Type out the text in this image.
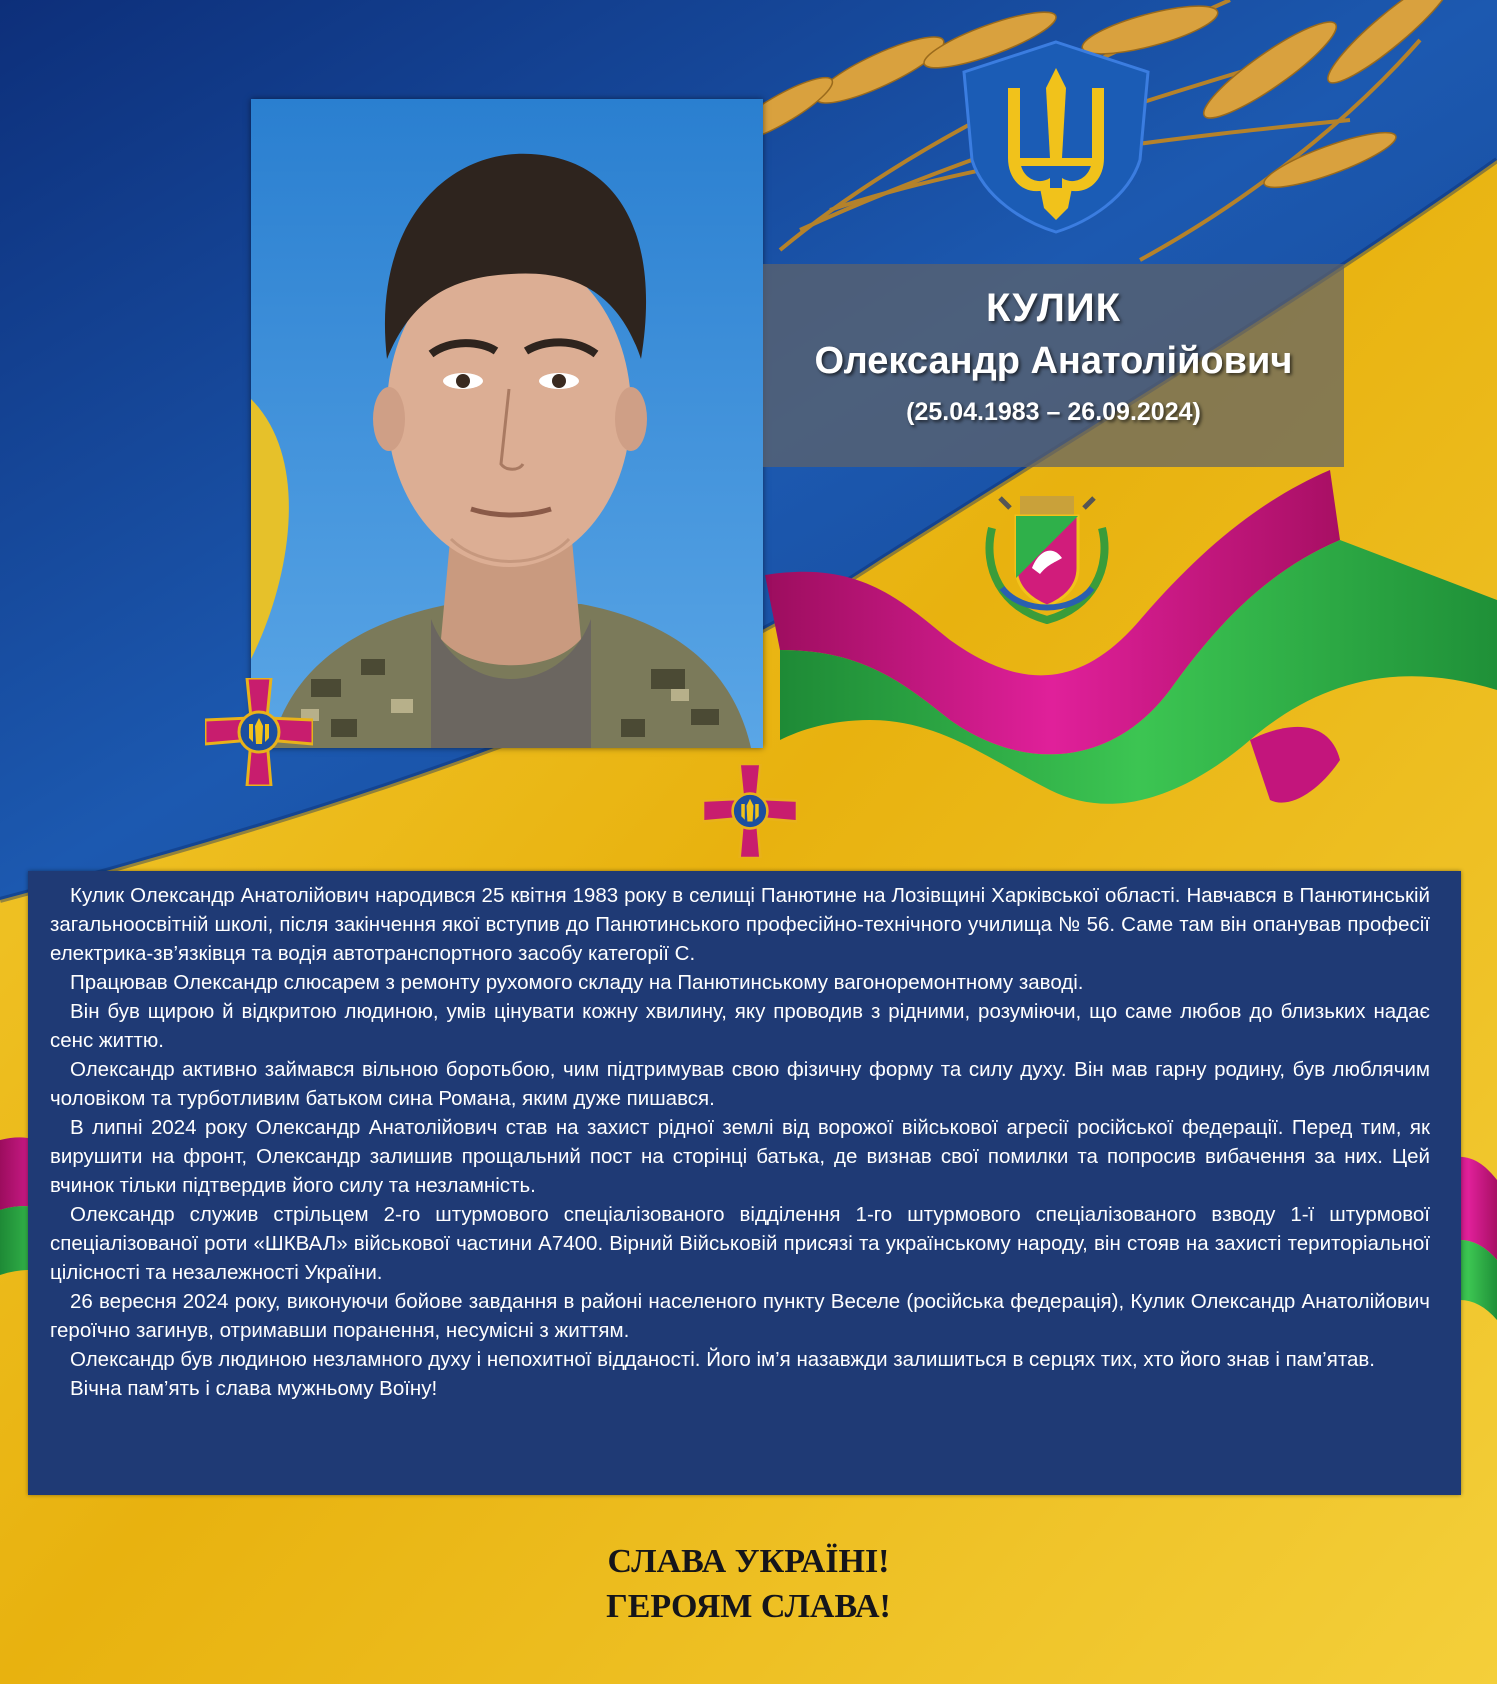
КУЛИК
Олександр Анатолійович
(25.04.1983 – 26.09.2024)

Кулик Олександр Анатолійович народився 25 квітня 1983 року в селищі Панютине на Лозівщині Харківської області. Навчався в Панютинській загальноосвітній школі, після закінчення якої вступив до Панютинського професійно-технічного училища № 56. Саме там він опанував професії електрика-зв’язківця та водія автотранспортного засобу категорії С.

Працював Олександр слюсарем з ремонту рухомого складу на Панютинському вагоноремонтному заводі.

Він був щирою й відкритою людиною, умів цінувати кожну хвилину, яку проводив з рідними, розуміючи, що саме любов до близьких надає сенс життю.

Олександр активно займався вільною боротьбою, чим підтримував свою фізичну форму та силу духу. Він мав гарну родину, був люблячим чоловіком та турботливим батьком сина Романа, яким дуже пишався.

В липні 2024 року Олександр Анатолійович став на захист рідної землі від ворожої військової агресії російської федерації. Перед тим, як вирушити на фронт, Олександр залишив прощальний пост на сторінці батька, де визнав свої помилки та попросив вибачення за них. Цей вчинок тільки підтвердив його силу та незламність.

Олександр служив стрільцем 2-го штурмового спеціалізованого відділення 1-го штурмового спеціалізованого взводу 1-ї штурмової спеціалізованої роти «ШКВАЛ» військової частини А7400. Вірний Військовій присязі та українському народу, він стояв на захисті територіальної цілісності та незалежності України.

26 вересня 2024 року, виконуючи бойове завдання в районі населеного пункту Веселе (російська федерація), Кулик Олександр Анатолійович героїчно загинув, отримавши поранення, несумісні з життям.

Олександр був людиною незламного духу і непохитної відданості. Його ім’я назавжди залишиться в серцях тих, хто його знав і пам’ятав.

Вічна пам’ять і слава мужньому Воїну!

СЛАВА УКРАЇНІ!
ГЕРОЯМ СЛАВА!
